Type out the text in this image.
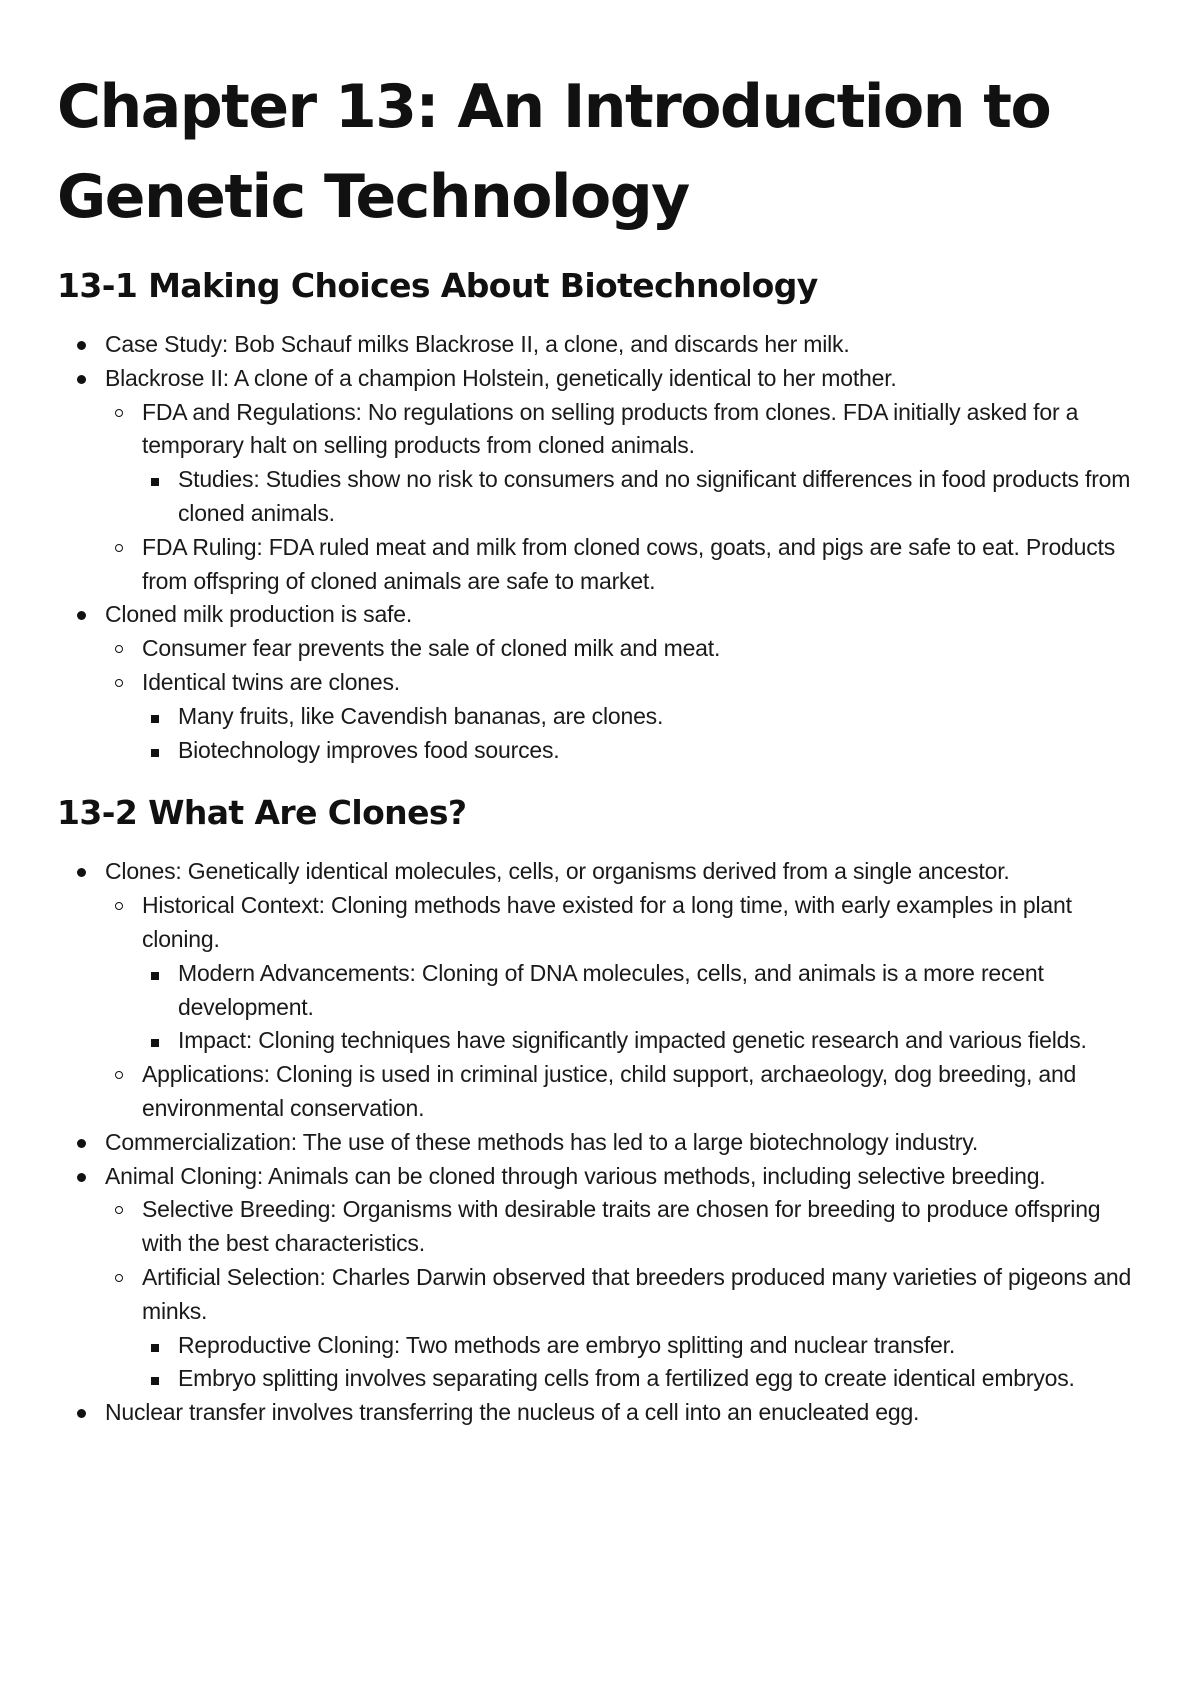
Chapter 13: An Introduction to Genetic Technology
13-1 Making Choices About Biotechnology
Case Study: Bob Schauf milks Blackrose II, a clone, and discards her milk.
Blackrose II: A clone of a champion Holstein, genetically identical to her mother.
FDA and Regulations: No regulations on selling products from clones. FDA initially asked for a temporary halt on selling products from cloned animals.
Studies: Studies show no risk to consumers and no significant differences in food products from cloned animals.
FDA Ruling: FDA ruled meat and milk from cloned cows, goats, and pigs are safe to eat. Products from offspring of cloned animals are safe to market.
Cloned milk production is safe.
Consumer fear prevents the sale of cloned milk and meat.
Identical twins are clones.
Many fruits, like Cavendish bananas, are clones.
Biotechnology improves food sources.
13-2 What Are Clones?
Clones: Genetically identical molecules, cells, or organisms derived from a single ancestor.
Historical Context: Cloning methods have existed for a long time, with early examples in plant cloning.
Modern Advancements: Cloning of DNA molecules, cells, and animals is a more recent development.
Impact: Cloning techniques have significantly impacted genetic research and various fields.
Applications: Cloning is used in criminal justice, child support, archaeology, dog breeding, and environmental conservation.
Commercialization: The use of these methods has led to a large biotechnology industry.
Animal Cloning: Animals can be cloned through various methods, including selective breeding.
Selective Breeding: Organisms with desirable traits are chosen for breeding to produce offspring with the best characteristics.
Artificial Selection: Charles Darwin observed that breeders produced many varieties of pigeons and minks.
Reproductive Cloning: Two methods are embryo splitting and nuclear transfer.
Embryo splitting involves separating cells from a fertilized egg to create identical embryos.
Nuclear transfer involves transferring the nucleus of a cell into an enucleated egg.
